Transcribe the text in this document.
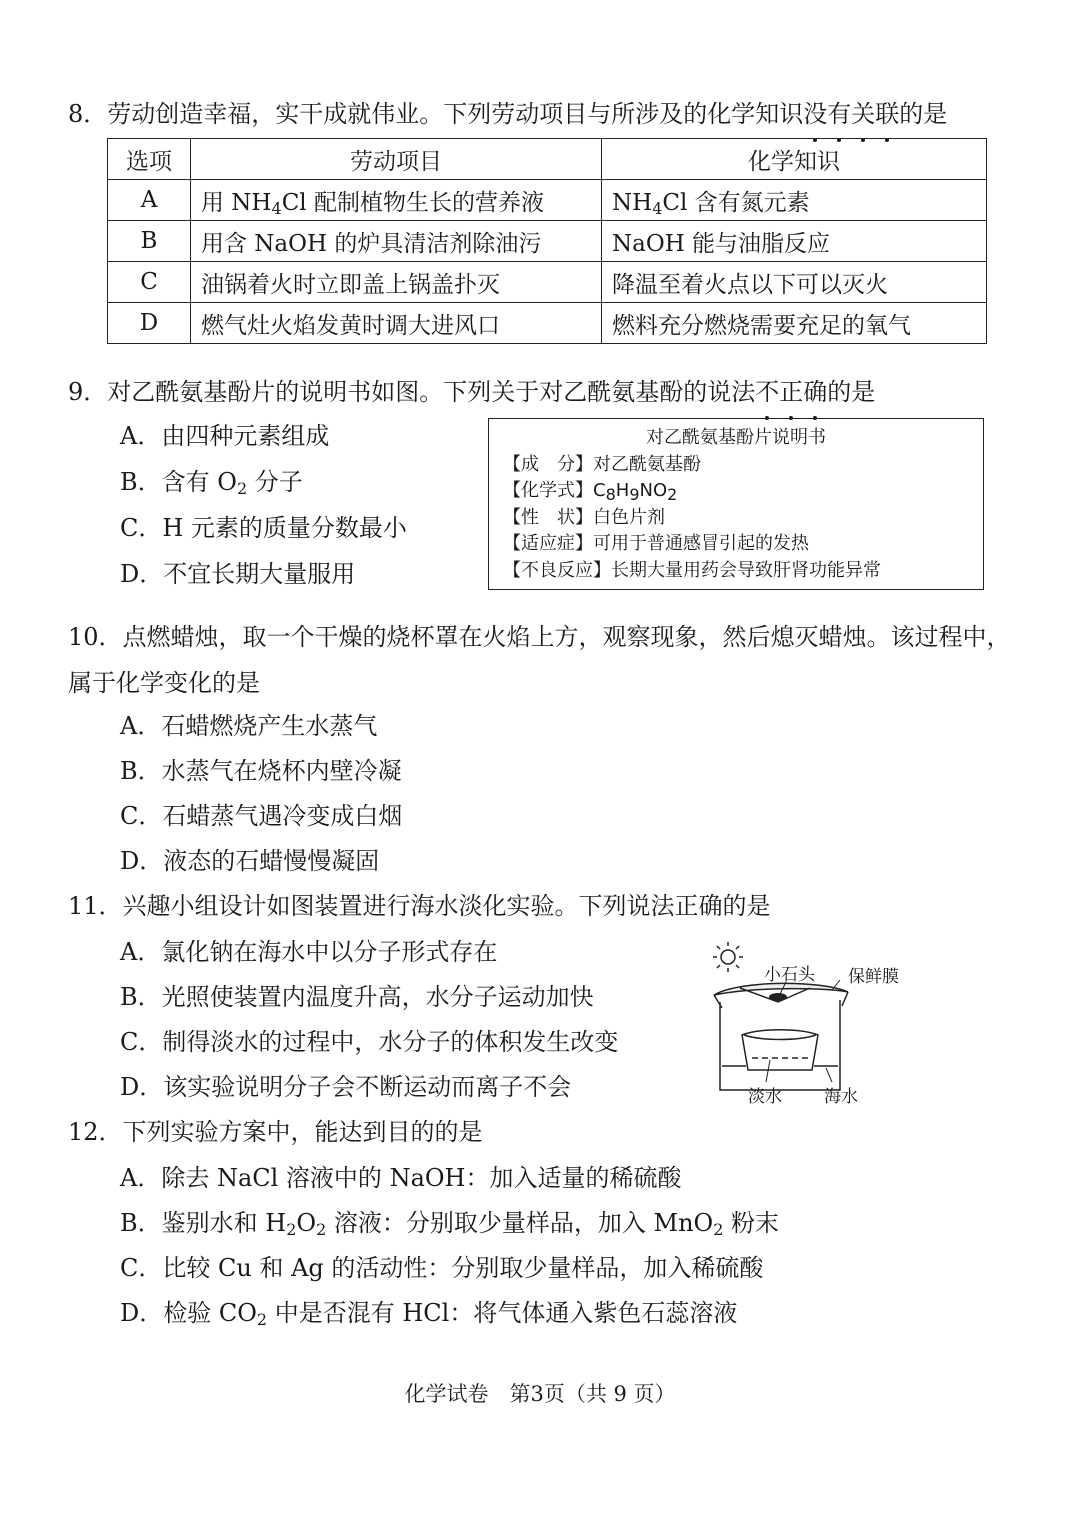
8．劳动创造幸福，实干成就伟业。下列劳动项目与所涉及的化学知识没有关联的是
选项	劳动项目	化学知识
A	用 $NH_4Cl$ 配制植物生长的营养液	$NH_4Cl$ 含有氮元素
B	用含 NaOH 的炉具清洁剂除油污	NaOH 能与油脂反应
C	油锅着火时立即盖上锅盖扑灭	降温至着火点以下可以灭火
D	燃气灶火焰发黄时调大进风口	燃料充分燃烧需要充足的氧气
9．对乙酰氨基酚片的说明书如图。下列关于对乙酰氨基酚的说法不正确的是
A．由四种元素组成
B．含有 $O_2$ 分子
C．H 元素的质量分数最小
D．不宜长期大量服用
对乙酰氨基酚片说明书
【成　分】对乙酰氨基酚
【化学式】$C_8H_9NO_2$
【性　状】白色片剂
【适应症】可用于普通感冒引起的发热
【不良反应】长期大量用药会导致肝肾功能异常
10．点燃蜡烛，取一个干燥的烧杯罩在火焰上方，观察现象，然后熄灭蜡烛。该过程中，属于化学变化的是
A．石蜡燃烧产生水蒸气
B．水蒸气在烧杯内壁冷凝
C．石蜡蒸气遇冷变成白烟
D．液态的石蜡慢慢凝固
11．兴趣小组设计如图装置进行海水淡化实验。下列说法正确的是
A．氯化钠在海水中以分子形式存在
B．光照使装置内温度升高，水分子运动加快
C．制得淡水的过程中，水分子的体积发生改变
D．该实验说明分子会不断运动而离子不会
小石头 保鲜膜
淡水 海水
12．下列实验方案中，能达到目的的是
A．除去 NaCl 溶液中的 NaOH：加入适量的稀硫酸
B．鉴别水和 $H_2O_2$ 溶液：分别取少量样品，加入 MnO$_2$ 粉末
C．比较 Cu 和 Ag 的活动性：分别取少量样品，加入稀硫酸
D．检验 $CO_2$ 中是否混有 HCl：将气体通入紫色石蕊溶液
化学试卷　第3页（共 9 页）
